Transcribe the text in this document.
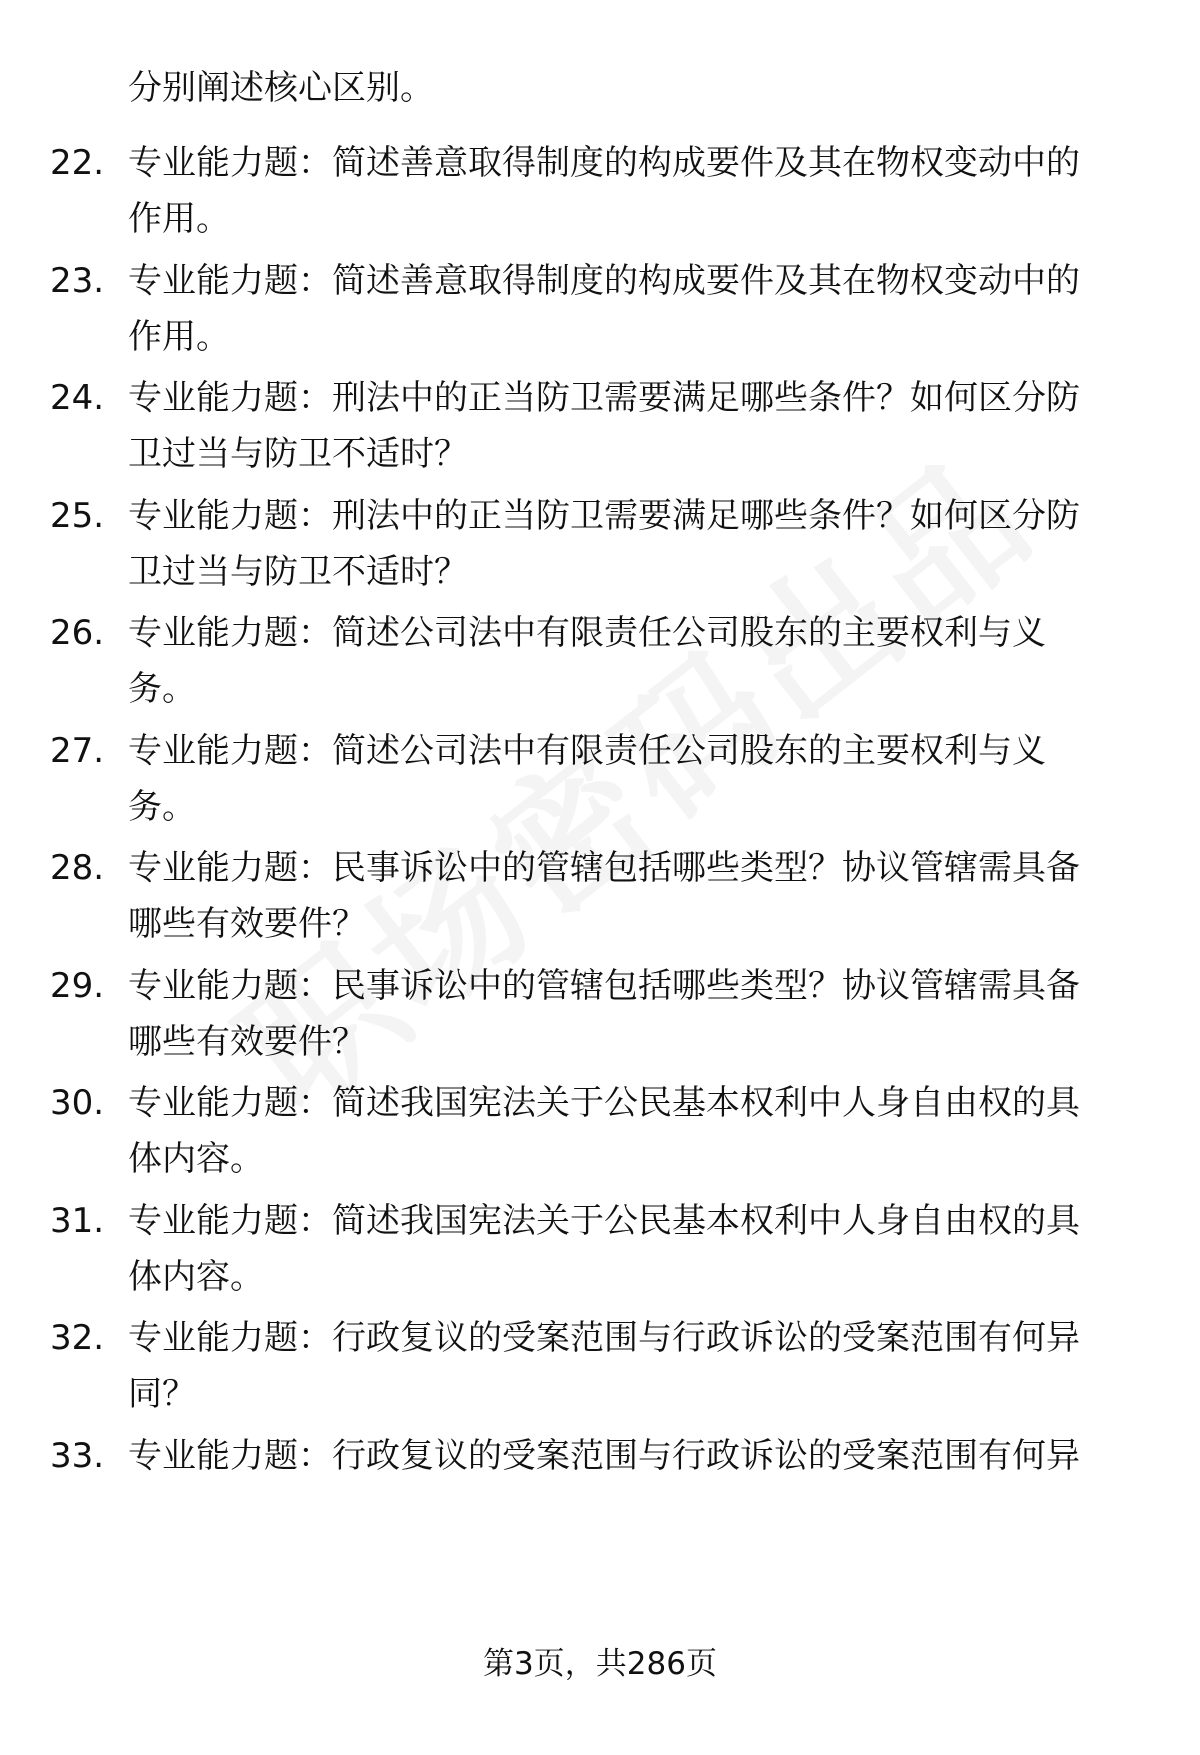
分别阐述核心区别。
22. 专业能力题：简述善意取得制度的构成要件及其在物权变动中的
作用。
23. 专业能力题：简述善意取得制度的构成要件及其在物权变动中的
作用。
24. 专业能力题：刑法中的正当防卫需要满足哪些条件？如何区分防
卫过当与防卫不适时？
25. 专业能力题：刑法中的正当防卫需要满足哪些条件？如何区分防
卫过当与防卫不适时？
26. 专业能力题：简述公司法中有限责任公司股东的主要权利与义
务。
27. 专业能力题：简述公司法中有限责任公司股东的主要权利与义
务。
28. 专业能力题：民事诉讼中的管辖包括哪些类型？协议管辖需具备
哪些有效要件？
29. 专业能力题：民事诉讼中的管辖包括哪些类型？协议管辖需具备
哪些有效要件？
30. 专业能力题：简述我国宪法关于公民基本权利中人身自由权的具
体内容。
31. 专业能力题：简述我国宪法关于公民基本权利中人身自由权的具
体内容。
32. 专业能力题：行政复议的受案范围与行政诉讼的受案范围有何异
同？
33. 专业能力题：行政复议的受案范围与行政诉讼的受案范围有何异
第3页，共286页
